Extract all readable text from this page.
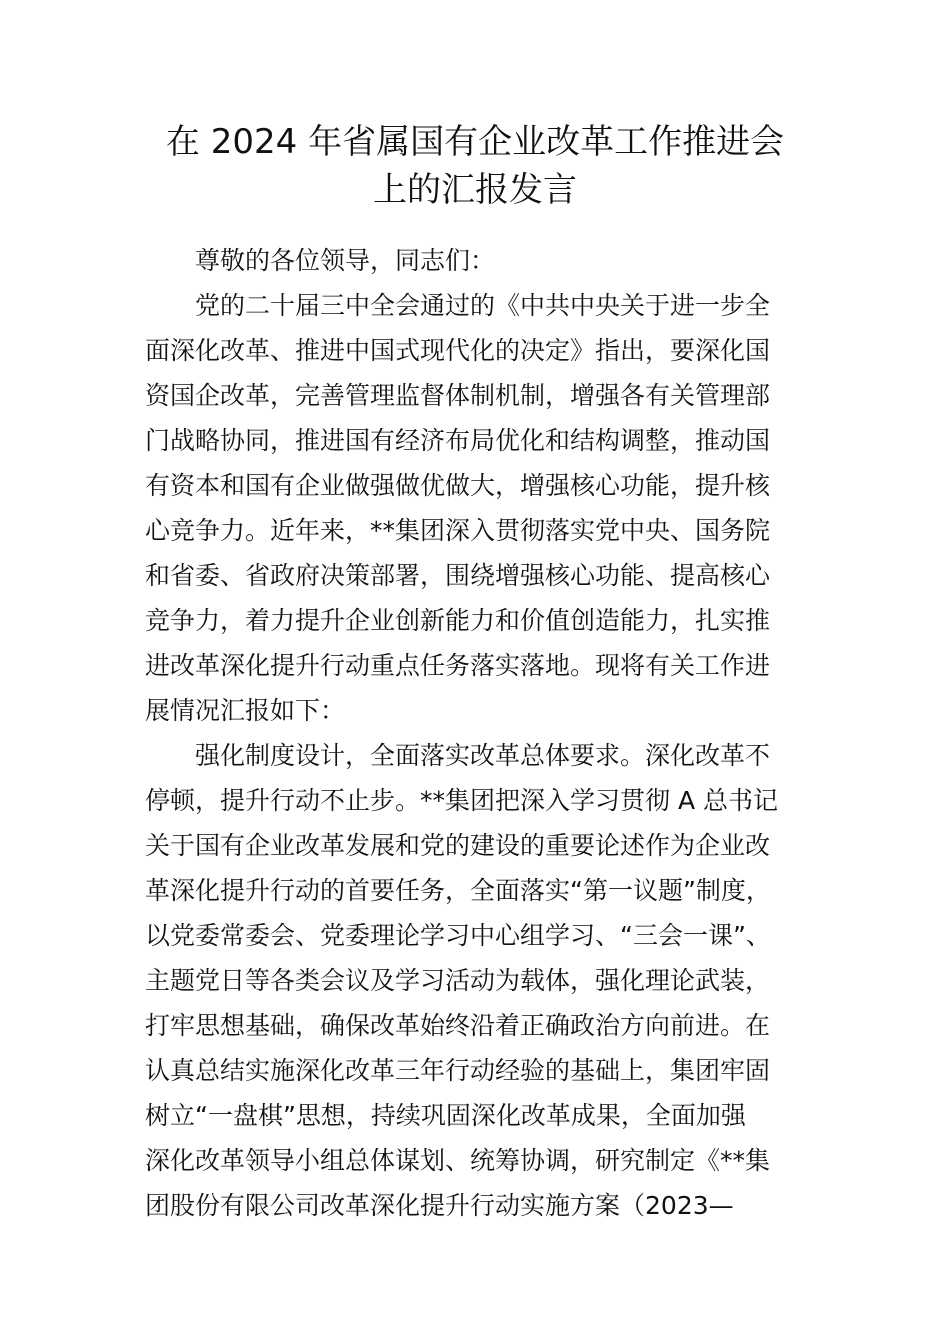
在 2024 年省属国有企业改革工作推进会
上的汇报发言
尊敬的各位领导，同志们：
党的二十届三中全会通过的《中共中央关于进一步全
面深化改革、推进中国式现代化的决定》指出，要深化国
资国企改革，完善管理监督体制机制，增强各有关管理部
门战略协同，推进国有经济布局优化和结构调整，推动国
有资本和国有企业做强做优做大，增强核心功能，提升核
心竞争力。近年来，**集团深入贯彻落实党中央、国务院
和省委、省政府决策部署，围绕增强核心功能、提高核心
竞争力，着力提升企业创新能力和价值创造能力，扎实推
进改革深化提升行动重点任务落实落地。现将有关工作进
展情况汇报如下：
强化制度设计，全面落实改革总体要求。深化改革不
停顿，提升行动不止步。**集团把深入学习贯彻 A 总书记
关于国有企业改革发展和党的建设的重要论述作为企业改
革深化提升行动的首要任务，全面落实“第一议题”制度，
以党委常委会、党委理论学习中心组学习、“三会一课”、
主题党日等各类会议及学习活动为载体，强化理论武装，
打牢思想基础，确保改革始终沿着正确政治方向前进。在
认真总结实施深化改革三年行动经验的基础上，集团牢固
树立“一盘棋”思想，持续巩固深化改革成果，全面加强
深化改革领导小组总体谋划、统筹协调，研究制定《**集
团股份有限公司改革深化提升行动实施方案（2023—
